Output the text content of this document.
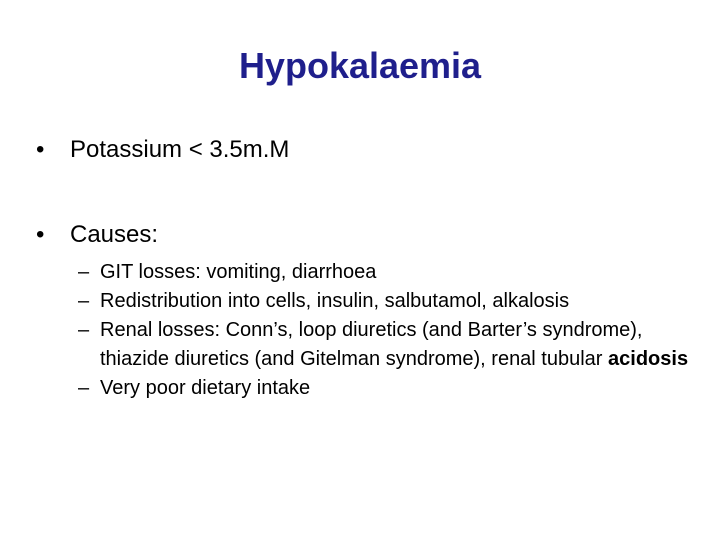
Hypokalaemia
•	Potassium < 3.5m.M
•	Causes:
– GIT losses: vomiting, diarrhoea
– Redistribution into cells, insulin, salbutamol, alkalosis
– Renal losses: Conn’s, loop diuretics (and Barter’s syndrome), thiazide diuretics (and Gitelman syndrome), renal tubular acidosis
– Very poor dietary intake
